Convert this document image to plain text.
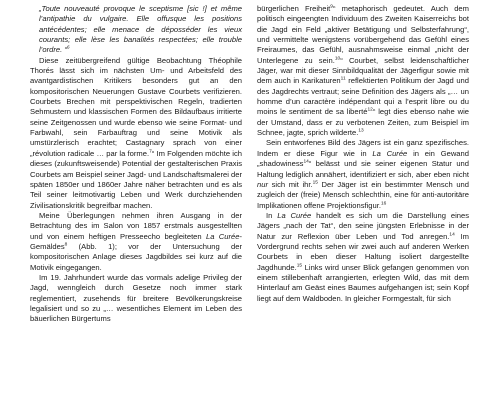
„Toute nouveauté provoque le sceptisme [sic !] et même l’antipathie du vulgaire. Elle offusque les positions antécédentes; elle menace de déposséder les vieux courants; elle lèse les banalités respectées; elle trouble l’ordre. “$^6$

Diese zeitübergreifend gültige Beobachtung Théophile Thorés lässt sich im nächsten Um- und Arbeitsfeld des avantgardistischen Kritikers besonders gut an den kompositorischen Neuerungen Gustave Courbets verifizieren. Courbets Brechen mit perspektivischen Regeln, tradierten Sehmustern und klassischen Formen des Bildaufbaus irritierte seine Zeitgenossen und wurde ebenso wie seine Format- und Farbwahl, sein Farbauftrag und seine Motivik als umstürzlerisch erachtet; Castagnary sprach von einer „révolution radicale … par la forme.$^7$“ Im Folgenden möchte ich dieses (zukunftsweisende) Potential der gestalterischen Praxis Courbets am Beispiel seiner Jagd- und Landschaftsmalerei der späten 1850er und 1860er Jahre näher betrachten und es als Teil seiner leitmotivartig Leben und Werk durchziehenden Zivilisationskritik begreifbar machen.

Meine Überlegungen nehmen ihren Ausgang in der Betrachtung des im Salon von 1857 erstmals ausgestellten und von einem heftigen Presseecho begleiteten La Curée-Gemäldes$^8$ (Abb. 1); vor der Untersuchung der kompositorischen Anlage dieses Jagdbildes sei kurz auf die Motivik eingegangen.

Im 19. Jahrhundert wurde das vormals adelige Privileg der Jagd, wenngleich durch Gesetze noch immer stark reglementiert, zusehends für breitere Bevölkerungskreise legalisiert und so zu „… wesentliches Element im Leben des bäuerlichen Bürgertums

bürgerlichen Freiheit$^9$“ metaphorisch gedeutet. Auch dem politisch eingeengten Individuum des Zweiten Kaiserreichs bot die Jagd ein Feld „aktiver Betätigung und Selbsterfahrung“, und vermittelte wenigstens vorübergehend das Gefühl eines Freiraumes, das Gefühl, ausnahmsweise einmal „nicht der Unterlegene zu sein.$^{10}$“ Courbet, selbst leidenschaftlicher Jäger, war mit dieser Sinnbildqualität der Jägerfigur sowie mit dem auch in Karikaturen$^{11}$ reflektierten Politikum der Jagd und des Jagdrechts vertraut; seine Definition des Jägers als „… un homme d’un caractère indépendant qui a l’esprit libre ou du moins le sentiment de sa liberté$^{12}$“ legt dies ebenso nahe wie der Umstand, dass er zu verbotenen Zeiten, zum Beispiel im Schnee, jagte, sprich wilderte.$^{13}$

Sein entworfenes Bild des Jägers ist ein ganz spezifisches. Indem er diese Figur wie in La Curée in ein Gewand „shadowiness$^{14}$“ belässt und sie seiner eigenen Statur und Haltung lediglich annähert, identifiziert er sich, aber eben nicht nur sich mit ihr.$^{15}$ Der Jäger ist ein bestimmter Mensch und zugleich der (freie) Mensch schlechthin, eine für anti-autoritäre Implikationen offene Projektionsfigur.$^{16}$

In La Curée handelt es sich um die Darstellung eines Jägers „nach der Tat“, den seine jüngsten Erlebnisse in der Natur zur Reflexion über Leben und Tod anregen.$^{14}$ Im Vordergrund rechts sehen wir zwei auch auf anderen Werken Courbets in eben dieser Haltung isoliert dargestellte Jagdhunde.$^{15}$ Links wird unser Blick gefangen genommen von einem stillebenhaft arrangierten, erlegten Wild, das mit dem Hinterlauf am Geäst eines Baumes aufgehangen ist; sein Kopf liegt auf dem Waldboden. In gleicher Formgestalt, für sich
